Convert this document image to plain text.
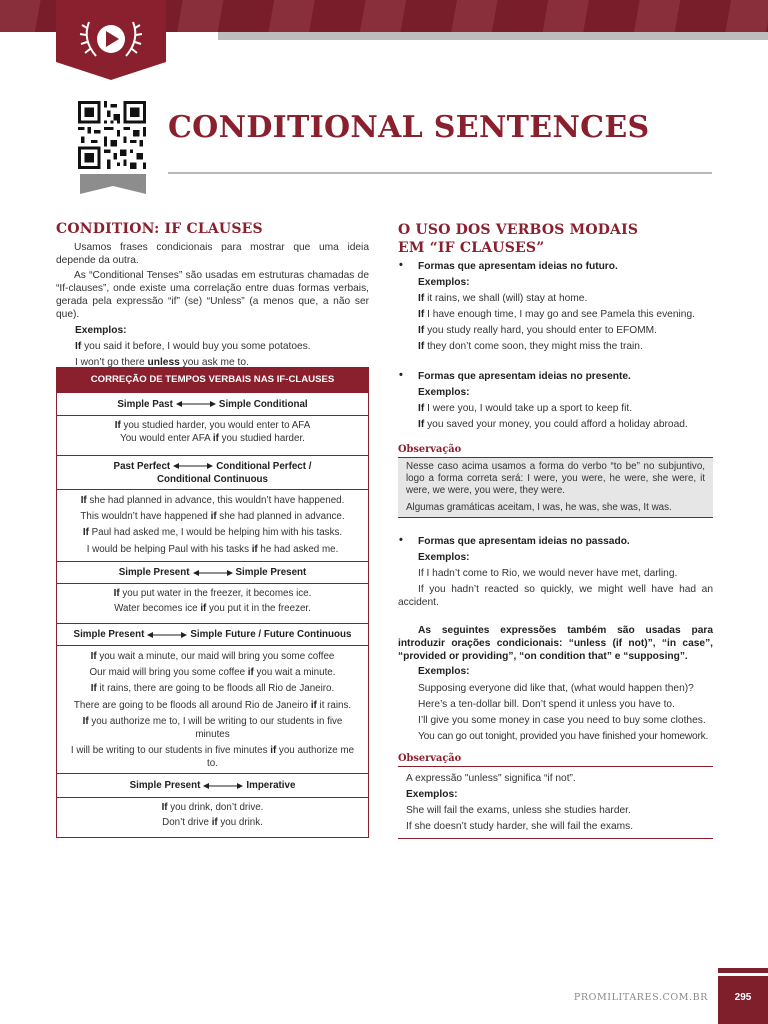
CONDITIONAL SENTENCES
CONDITION: IF CLAUSES

Usamos frases condicionais para mostrar que uma ideia depende da outra.

As “Conditional Tenses” são usadas em estruturas chamadas de “If-clauses”, onde existe uma correlação entre duas formas verbais, gerada pela expressão “if” (se) “Unless” (a menos que, a não ser que).

Exemplos:

If you said it before, I would buy you some potatoes.

I won’t go there unless you ask me to.

CORREÇÃO DE TEMPOS VERBAIS NAS IF-CLAUSES
Simple Past	Simple Conditional
If you studied harder, you would enter to AFA
You would enter AFA if you studied harder.
Past Perfect	Conditional Perfect /
Conditional Continuous
If she had planned in advance, this wouldn’t have happened.
This wouldn’t have happened if she had planned in advance.
If Paul had asked me, I would be helping him with his tasks.
I would be helping Paul with his tasks if he had asked me.
Simple Present	Simple Present
If you put water in the freezer, it becomes ice.
Water becomes ice if you put it in the freezer.
Simple Present	Simple Future / Future Continuous
If you wait a minute, our maid will bring you some coffee
Our maid will bring you some coffee if you wait a minute.
If it rains, there are going to be floods all Rio de Janeiro.
There are going to be floods all around Rio de Janeiro if it rains.
If you authorize me to, I will be writing to our students in five minutes
I will be writing to our students in five minutes if you authorize me to.
Simple Present	Imperative
If you drink, don’t drive.
Don’t drive if you drink.
O USO DOS VERBOS MODAIS
EM “IF CLAUSES”
• Formas que apresentam ideias no futuro.

Exemplos:

If it rains, we shall (will) stay at home.

If I have enough time, I may go and see Pamela this evening.

If you study really hard, you should enter to EFOMM.

If they don’t come soon, they might miss the train.

• Formas que apresentam ideias no presente.

Exemplos:

If I were you, I would take up a sport to keep fit.

If you saved your money, you could afford a holiday abroad.

Observação

Nesse caso acima usamos a forma do verbo “to be” no subjuntivo, logo a forma correta será: I were, you were, he were, she were, it were, we were, you were, they were.

Algumas gramáticas aceitam, I was, he was, she was, It was.

• Formas que apresentam ideias no passado.

Exemplos:

If I hadn’t come to Rio, we would never have met, darling.

If you hadn’t reacted so quickly, we might well have had an accident.

As seguintes expressões também são usadas para introduzir orações condicionais: “unless (if not)”, “in case”, “provided or providing”, “on condition that” e “supposing”.

Exemplos:

Supposing everyone did like that, (what would happen then)?

Here’s a ten-dollar bill. Don’t spend it unless you have to.

I’ll give you some money in case you need to buy some clothes.

You can go out tonight, provided you have finished your homework.

Observação

A expressão "unless" significa “if not”.

Exemplos:

She will fail the exams, unless she studies harder.

If she doesn’t study harder, she will fail the exams.

PROMILITARES.COM.BR	295
